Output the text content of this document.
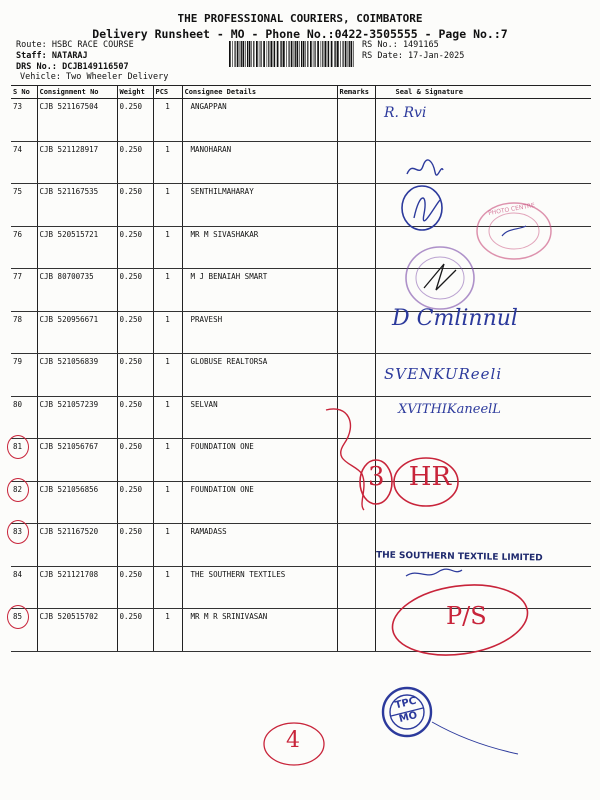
THE PROFESSIONAL COURIERS, COIMBATORE
Delivery Runsheet - MO - Phone No.:0422-3505555 - Page No.:7
Route: HSBC RACE COURSE
Staff: NATARAJ
DRS No.: DCJB149116507
Vehicle: Two Wheeler Delivery
RS No.: 1491165
RS Date: 17-Jan-2025
S No	Consignment No	Weight	PCS	Consignee Details	Remarks	Seal & Signature
73	CJB 521167504	0.250	1	ANGAPPAN		
74	CJB 521128917	0.250	1	MANOHARAN		
75	CJB 521167535	0.250	1	SENTHILMAHARAY		
76	CJB 520515721	0.250	1	MR M SIVASHAKAR		
77	CJB 80700735	0.250	1	M J BENAIAH SMART		
78	CJB 520956671	0.250	1	PRAVESH		
79	CJB 521056839	0.250	1	GLOBUSE REALTORSA		
80	CJB 521057239	0.250	1	SELVAN		
81	CJB 521056767	0.250	1	FOUNDATION ONE		
82	CJB 521056856	0.250	1	FOUNDATION ONE		
83	CJB 521167520	0.250	1	RAMADASS		
84	CJB 521121708	0.250	1	THE SOUTHERN TEXTILES		
85	CJB 520515702	0.250	1	MR M R SRINIVASAN		
R. Rvi
PHOTO CENTRE
D Cmlinnul
SVENKUReeli
XVITHIKaneelL
3 HR
THE SOUTHERN TEXTILE LIMITED
P/S
TPC
MO
4
